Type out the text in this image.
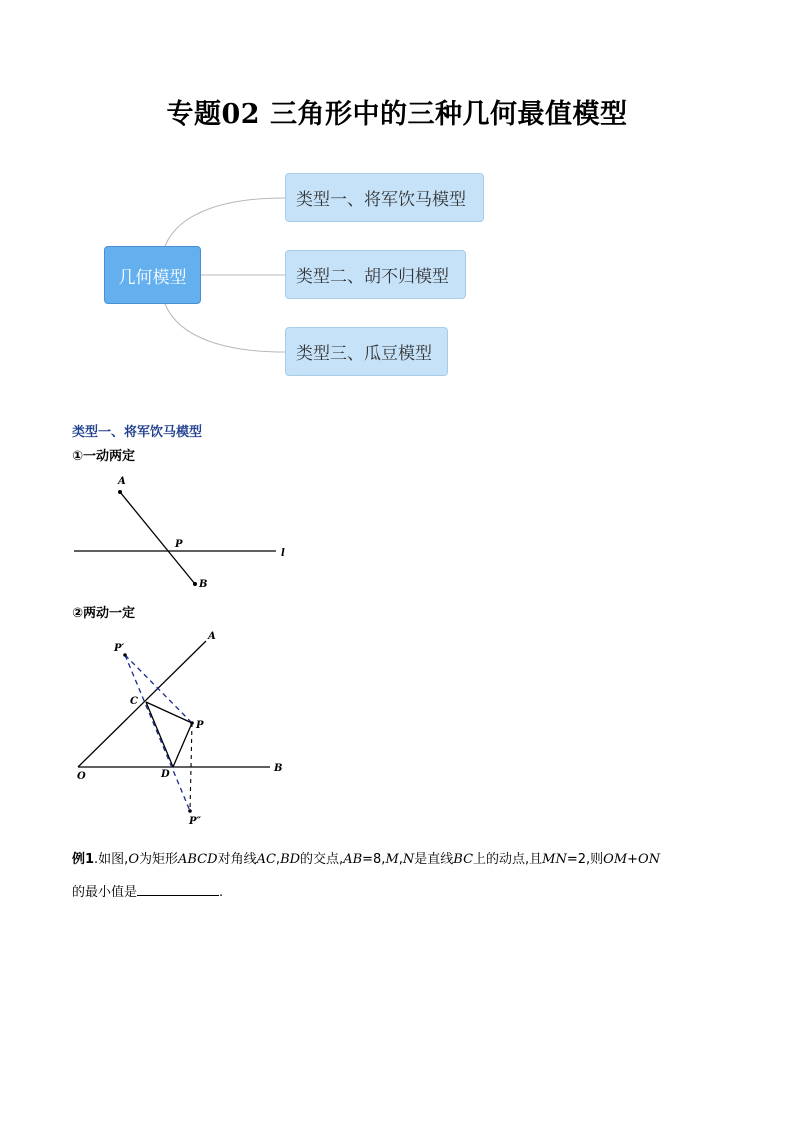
专题02 三角形中的三种几何最值模型
几何模型
类型一、将军饮马模型
类型二、胡不归模型
类型三、瓜豆模型
类型一、将军饮马模型
①一动两定
A
P
B
l
②两动一定
A
P′
C
P
O	D
B
P″
例1.如图,O为矩形ABCD对角线AC,BD的交点,AB=8,M,N是直线BC上的动点,且MN=2,则OM+ON
的最小值是	.
